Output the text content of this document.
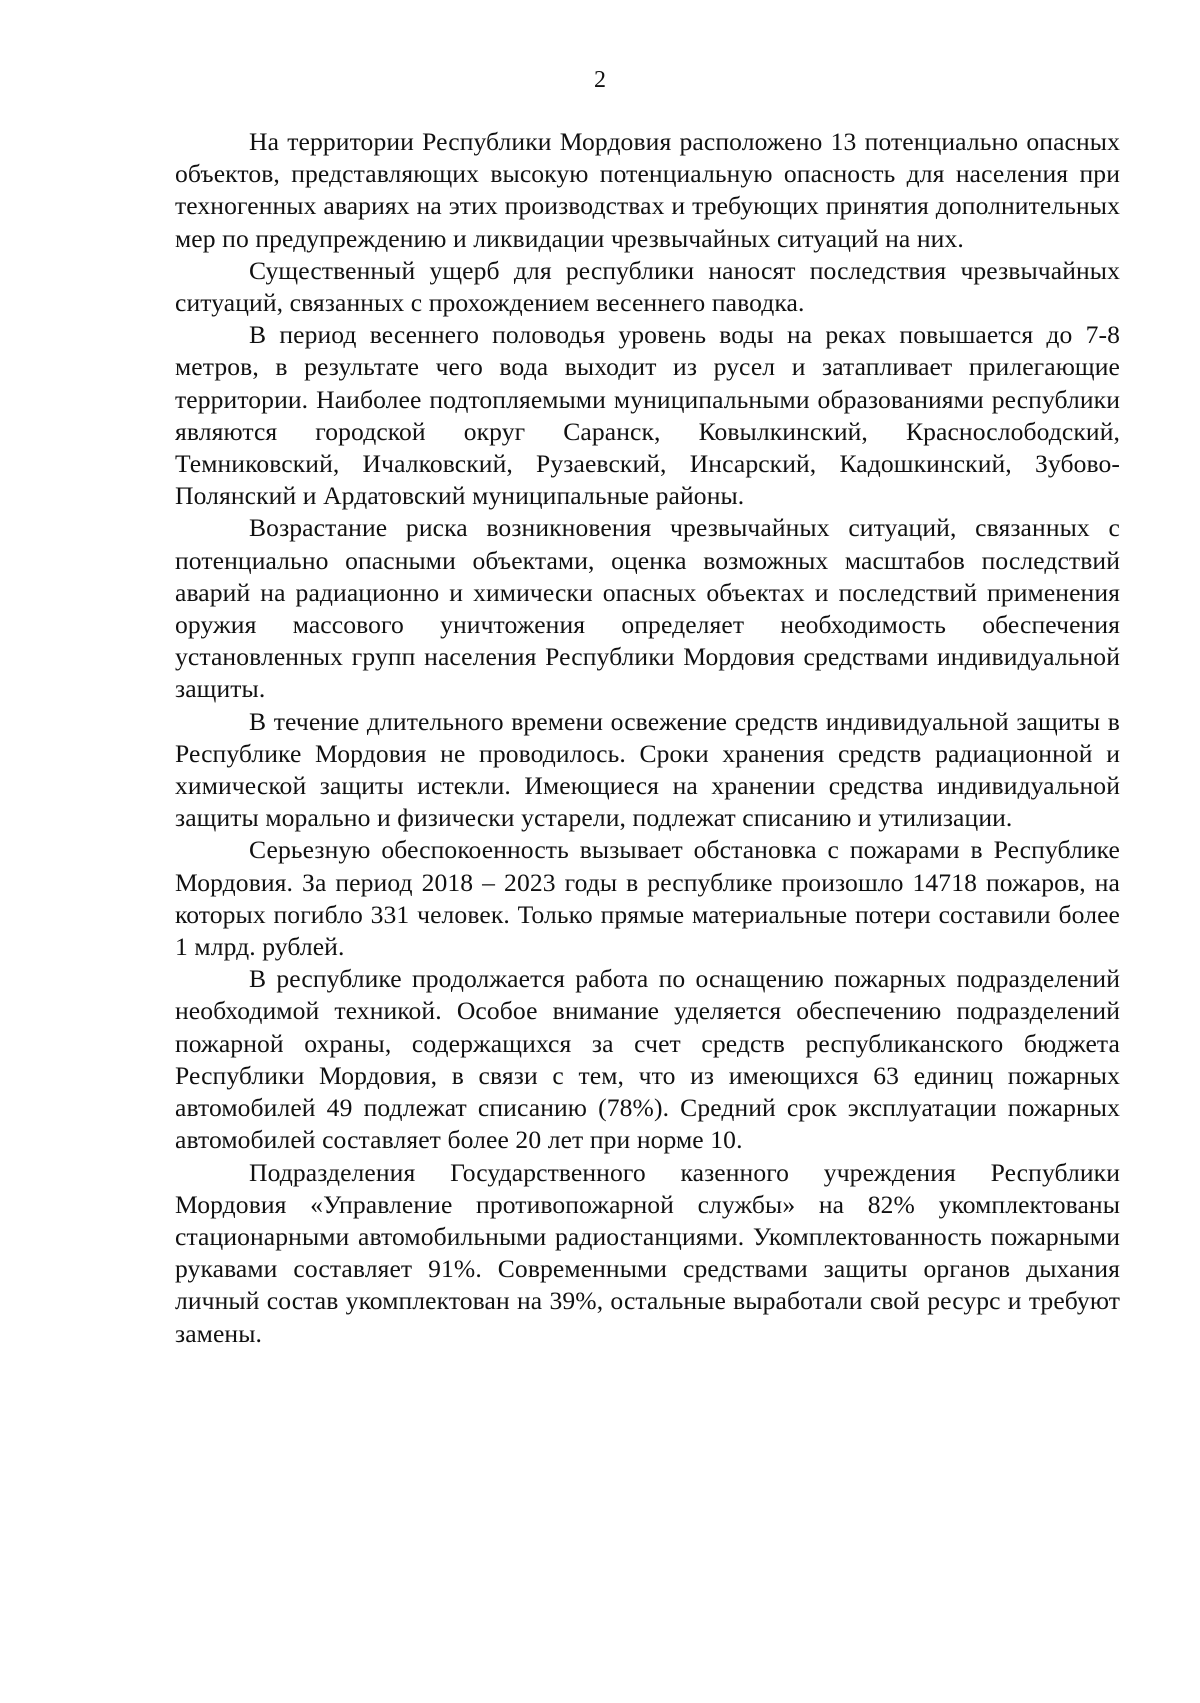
2

На территории Республики Мордовия расположено 13 потенциально опасных объектов, представляющих высокую потенциальную опасность для населения при техногенных авариях на этих производствах и требующих принятия дополнительных мер по предупреждению и ликвидации чрезвычайных ситуаций на них.

Существенный ущерб для республики наносят последствия чрезвычайных ситуаций, связанных с прохождением весеннего паводка.

В период весеннего половодья уровень воды на реках повышается до 7-8 метров, в результате чего вода выходит из русел и затапливает прилегающие территории. Наиболее подтопляемыми муниципальными образованиями республики являются городской округ Саранск, Ковылкинский, Краснослободский, Темниковский, Ичалковский, Рузаевский, Инсарский, Кадошкинский, Зубово-Полянский и Ардатовский муниципальные районы.

Возрастание риска возникновения чрезвычайных ситуаций, связанных с потенциально опасными объектами, оценка возможных масштабов последствий аварий на радиационно и химически опасных объектах и последствий применения оружия массового уничтожения определяет необходимость обеспечения установленных групп населения Республики Мордовия средствами индивидуальной защиты.

В течение длительного времени освежение средств индивидуальной защиты в Республике Мордовия не проводилось. Сроки хранения средств радиационной и химической защиты истекли. Имеющиеся на хранении средства индивидуальной защиты морально и физически устарели, подлежат списанию и утилизации.

Серьезную обеспокоенность вызывает обстановка с пожарами в Республике Мордовия. За период 2018 – 2023 годы в республике произошло 14718 пожаров, на которых погибло 331 человек. Только прямые материальные потери составили более 1 млрд. рублей.

В республике продолжается работа по оснащению пожарных подразделений необходимой техникой. Особое внимание уделяется обеспечению подразделений пожарной охраны, содержащихся за счет средств республиканского бюджета Республики Мордовия, в связи с тем, что из имеющихся 63 единиц пожарных автомобилей 49 подлежат списанию (78%). Средний срок эксплуатации пожарных автомобилей составляет более 20 лет при норме 10.

Подразделения Государственного казенного учреждения Республики Мордовия «Управление противопожарной службы» на 82% укомплектованы стационарными автомобильными радиостанциями. Укомплектованность пожарными рукавами составляет 91%. Современными средствами защиты органов дыхания личный состав укомплектован на 39%, остальные выработали свой ресурс и требуют замены.
